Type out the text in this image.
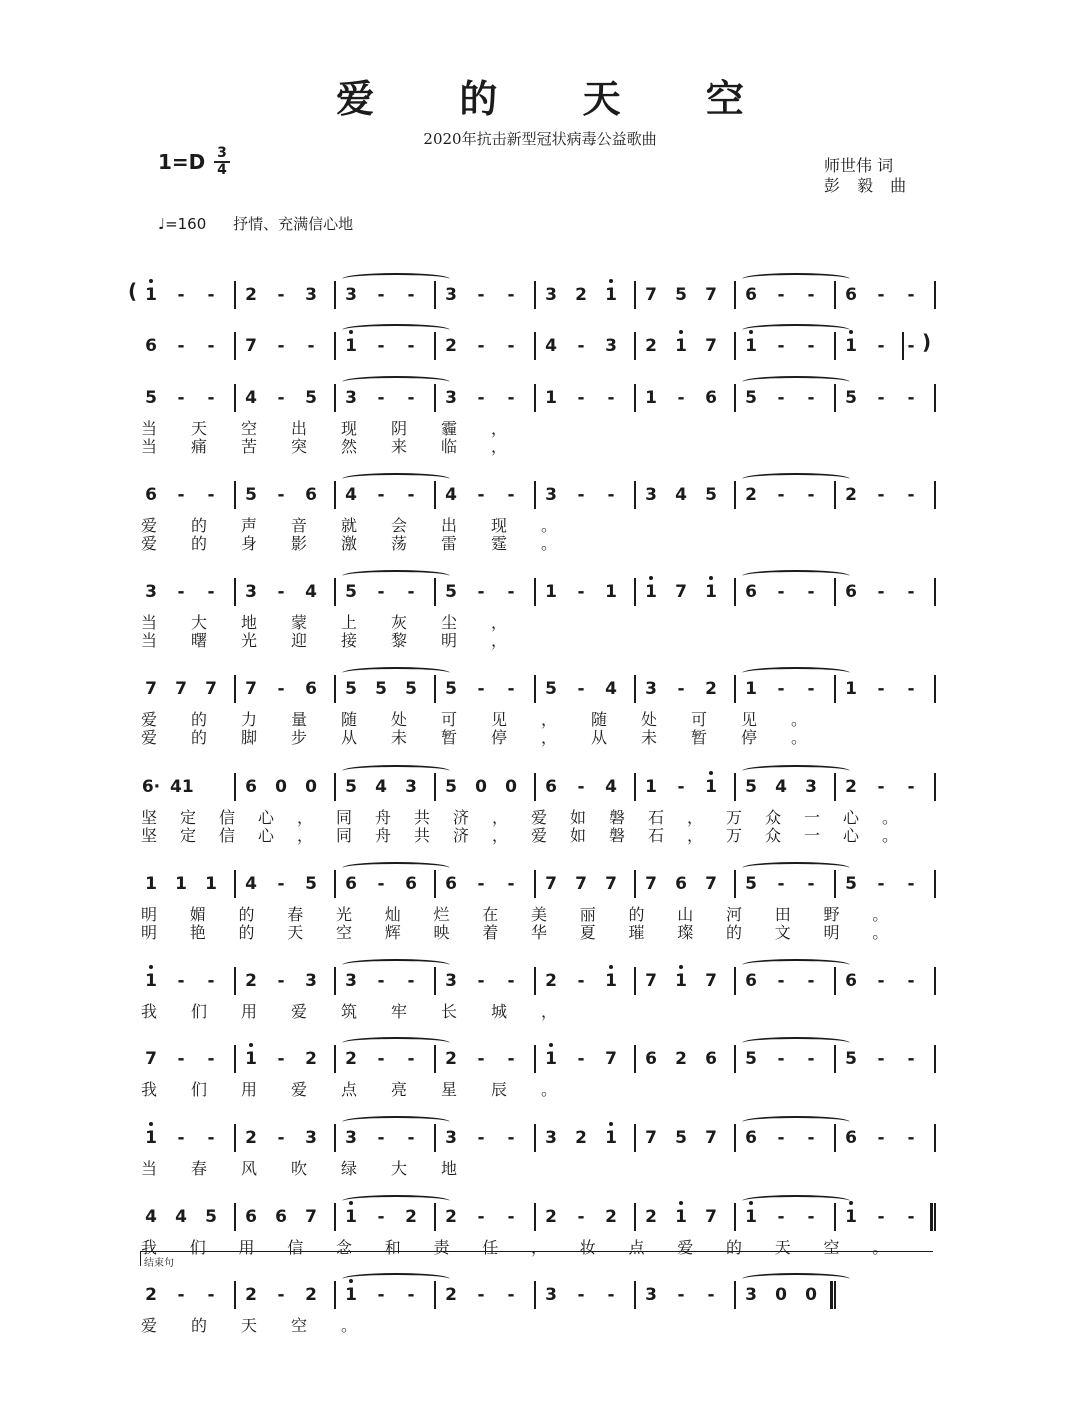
爱 的 天 空
2020年抗击新型冠状病毒公益歌曲
1=D 3
4	师世伟 词
彭 毅 曲
♩=160 抒情、充满信心地
1	-	-	2	-	3 3	-	-	3	-	-	3 2 1 7 5 7 6	-	-	6	-	-
(
6	-	-	7	-	-	1	-	-	2	-	-	4	-	3 2 1 7 1	-	-	1	-	- )
5	-	-	4	-	5 3	-	-	3	-	-	1	-	-	1	-	6 5	-	-	5	-	-
当 天 空 出 现 阴 霾 ，
当 痛 苦 突 然 来 临 ，
6	-	-	5	-	6 4	-	-	4	-	-	3	-	-	3 4 5 2	-	-	2	-	-
爱 的 声 音 就 会 出 现 。
爱 的 身 影 激 荡 雷 霆 。
3	-	-	3	-	4 5	-	-	5	-	-	1	-	1 1 7 1 6	-	-	6	-	-
当 大 地 蒙 上 灰 尘 ，
当 曙 光 迎 接 黎 明 ，
7 7 7 7	-	6 5 5 5 5	-	-	5	-	4 3	-	2 1	-	-	1	-	-
爱 的 力 量 随 处 可 见 ， 随 处 可 见 。
爱 的 脚 步 从 未 暂 停 ， 从 未 暂 停 。
6· 41	6 0 0 5 4 3 5 0 0 6	-	4 1	-	1 5 4 3 2	-	-
坚 定 信 心 ， 同 舟 共 济 ， 爱 如 磐 石 ， 万 众 一 心 。
坚 定 信 心 ， 同 舟 共 济 ， 爱 如 磐 石 ， 万 众 一 心 。
1 1 1 4	-	5 6	-	6 6	-	-	7 7 7 7 6 7 5	-	-	5	-	-
明 媚 的 春 光 灿 烂 在 美 丽 的 山 河 田 野 。
明 艳 的 天 空 辉 映 着 华 夏 璀 璨 的 文 明 。
1	-	-	2	-	3 3	-	-	3	-	-	2	-	1 7 1 7 6	-	-	6	-	-
我 们 用 爱 筑 牢 长 城 ，
7	-	-	1	-	2 2	-	-	2	-	-	1	-	7 6 2 6 5	-	-	5	-	-
我 们 用 爱 点 亮 星 辰 。
1	-	-	2	-	3 3	-	-	3	-	-	3 2 1 7 5 7 6	-	-	6	-	-
当 春 风 吹 绿 大 地
4 4 5 6 6 7 1	-	2 2	-	-	2	-	2 2 1 7 1	-	-	1	-	-
我 们 用 信 念 和 责 任 ， 妆 点 爱 的 天 空 。
2	-	-	2	-	2 1	-	-	2	-	-	3	-	-	3	-	-	3 0 0
爱 的 天 空 。
结束句
